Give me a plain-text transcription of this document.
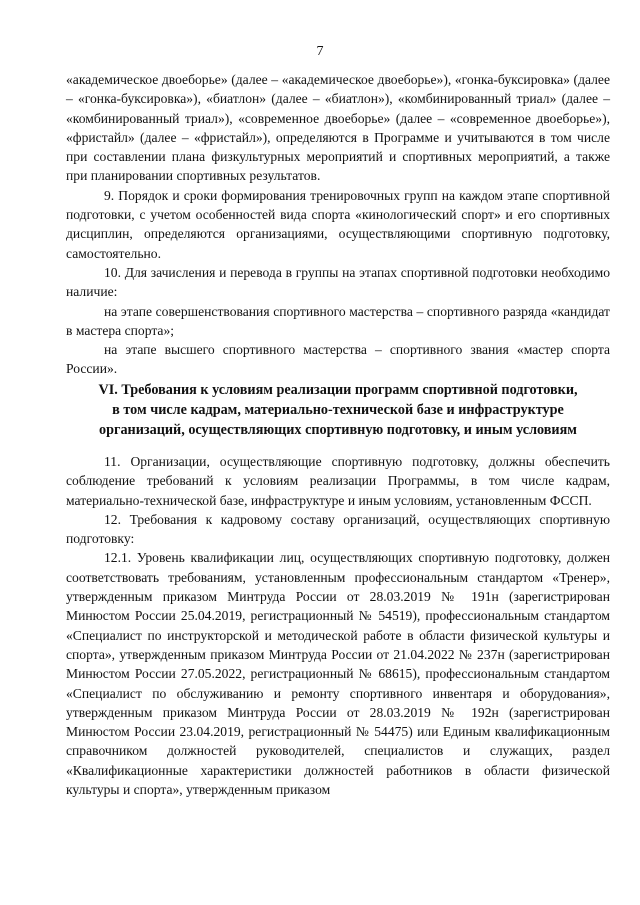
7

«академическое двоеборье» (далее – «академическое двоеборье»), «гонка-буксировка» (далее – «гонка-буксировка»), «биатлон» (далее – «биатлон»), «комбинированный триал» (далее – «комбинированный триал»), «современное двоеборье» (далее – «современное двоеборье»), «фристайл» (далее – «фристайл»), определяются в Программе и учитываются в том числе при составлении плана физкультурных мероприятий и спортивных мероприятий, а также при планировании спортивных результатов.

9. Порядок и сроки формирования тренировочных групп на каждом этапе спортивной подготовки, с учетом особенностей вида спорта «кинологический спорт» и его спортивных дисциплин, определяются организациями, осуществляющими спортивную подготовку, самостоятельно.

10. Для зачисления и перевода в группы на этапах спортивной подготовки необходимо наличие:

на этапе совершенствования спортивного мастерства – спортивного разряда «кандидат в мастера спорта»;

на этапе высшего спортивного мастерства – спортивного звания «мастер спорта России».

VI. Требования к условиям реализации программ спортивной подготовки,
в том числе кадрам, материально-технической базе и инфраструктуре
организаций, осуществляющих спортивную подготовку, и иным условиям

11. Организации, осуществляющие спортивную подготовку, должны обеспечить соблюдение требований к условиям реализации Программы, в том числе кадрам, материально-технической базе, инфраструктуре и иным условиям, установленным ФССП.

12. Требования к кадровому составу организаций, осуществляющих спортивную подготовку:

12.1. Уровень квалификации лиц, осуществляющих спортивную подготовку, должен соответствовать требованиям, установленным профессиональным стандартом «Тренер», утвержденным приказом Минтруда России от 28.03.2019 № 191н (зарегистрирован Минюстом России 25.04.2019, регистрационный № 54519), профессиональным стандартом «Специалист по инструкторской и методической работе в области физической культуры и спорта», утвержденным приказом Минтруда России от 21.04.2022 № 237н (зарегистрирован Минюстом России 27.05.2022, регистрационный № 68615), профессиональным стандартом «Специалист по обслуживанию и ремонту спортивного инвентаря и оборудования», утвержденным приказом Минтруда России от 28.03.2019 № 192н (зарегистрирован Минюстом России 23.04.2019, регистрационный № 54475) или Единым квалификационным справочником должностей руководителей, специалистов и служащих, раздел «Квалификационные характеристики должностей работников в области физической культуры и спорта», утвержденным приказом
